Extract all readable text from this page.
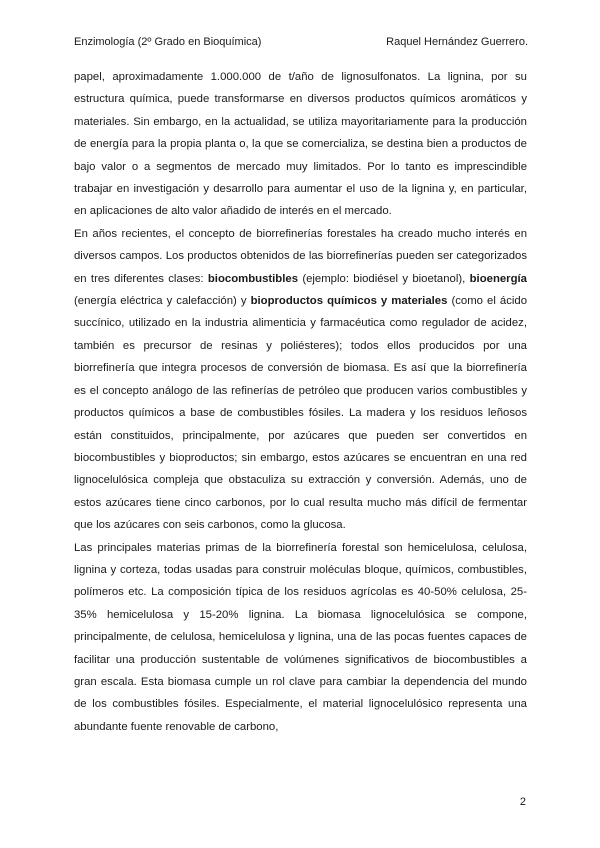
Enzimología (2º Grado en Bioquímica)	Raquel Hernández Guerrero.

papel, aproximadamente 1.000.000 de t/año de lignosulfonatos. La lignina, por su estructura química, puede transformarse en diversos productos químicos aromáticos y materiales. Sin embargo, en la actualidad, se utiliza mayoritariamente para la producción de energía para la propia planta o, la que se comercializa, se destina bien a productos de bajo valor o a segmentos de mercado muy limitados. Por lo tanto es imprescindible trabajar en investigación y desarrollo para aumentar el uso de la lignina y, en particular, en aplicaciones de alto valor añadido de interés en el mercado.

En años recientes, el concepto de biorrefinerías forestales ha creado mucho interés en diversos campos. Los productos obtenidos de las biorrefinerías pueden ser categorizados en tres diferentes clases: biocombustibles (ejemplo: biodiésel y bioetanol), bioenergía (energía eléctrica y calefacción) y bioproductos químicos y materiales (como el ácido succínico, utilizado en la industria alimenticia y farmacéutica como regulador de acidez, también es precursor de resinas y poliésteres); todos ellos producidos por una biorrefinería que integra procesos de conversión de biomasa. Es así que la biorrefinería es el concepto análogo de las refinerías de petróleo que producen varios combustibles y productos químicos a base de combustibles fósiles. La madera y los residuos leñosos están constituidos, principalmente, por azúcares que pueden ser convertidos en biocombustibles y bioproductos; sin embargo, estos azúcares se encuentran en una red lignocelulósica compleja que obstaculiza su extracción y conversión. Además, uno de estos azúcares tiene cinco carbonos, por lo cual resulta mucho más difícil de fermentar que los azúcares con seis carbonos, como la glucosa.

Las principales materias primas de la biorrefinería forestal son hemicelulosa, celulosa, lignina y corteza, todas usadas para construir moléculas bloque, químicos, combustibles, polímeros etc. La composición típica de los residuos agrícolas es 40-50% celulosa, 25-35% hemicelulosa y 15-20% lignina. La biomasa lignocelulósica se compone, principalmente, de celulosa, hemicelulosa y lignina, una de las pocas fuentes capaces de facilitar una producción sustentable de volúmenes significativos de biocombustibles a gran escala. Esta biomasa cumple un rol clave para cambiar la dependencia del mundo de los combustibles fósiles. Especialmente, el material lignocelulósico representa una abundante fuente renovable de carbono,

2
